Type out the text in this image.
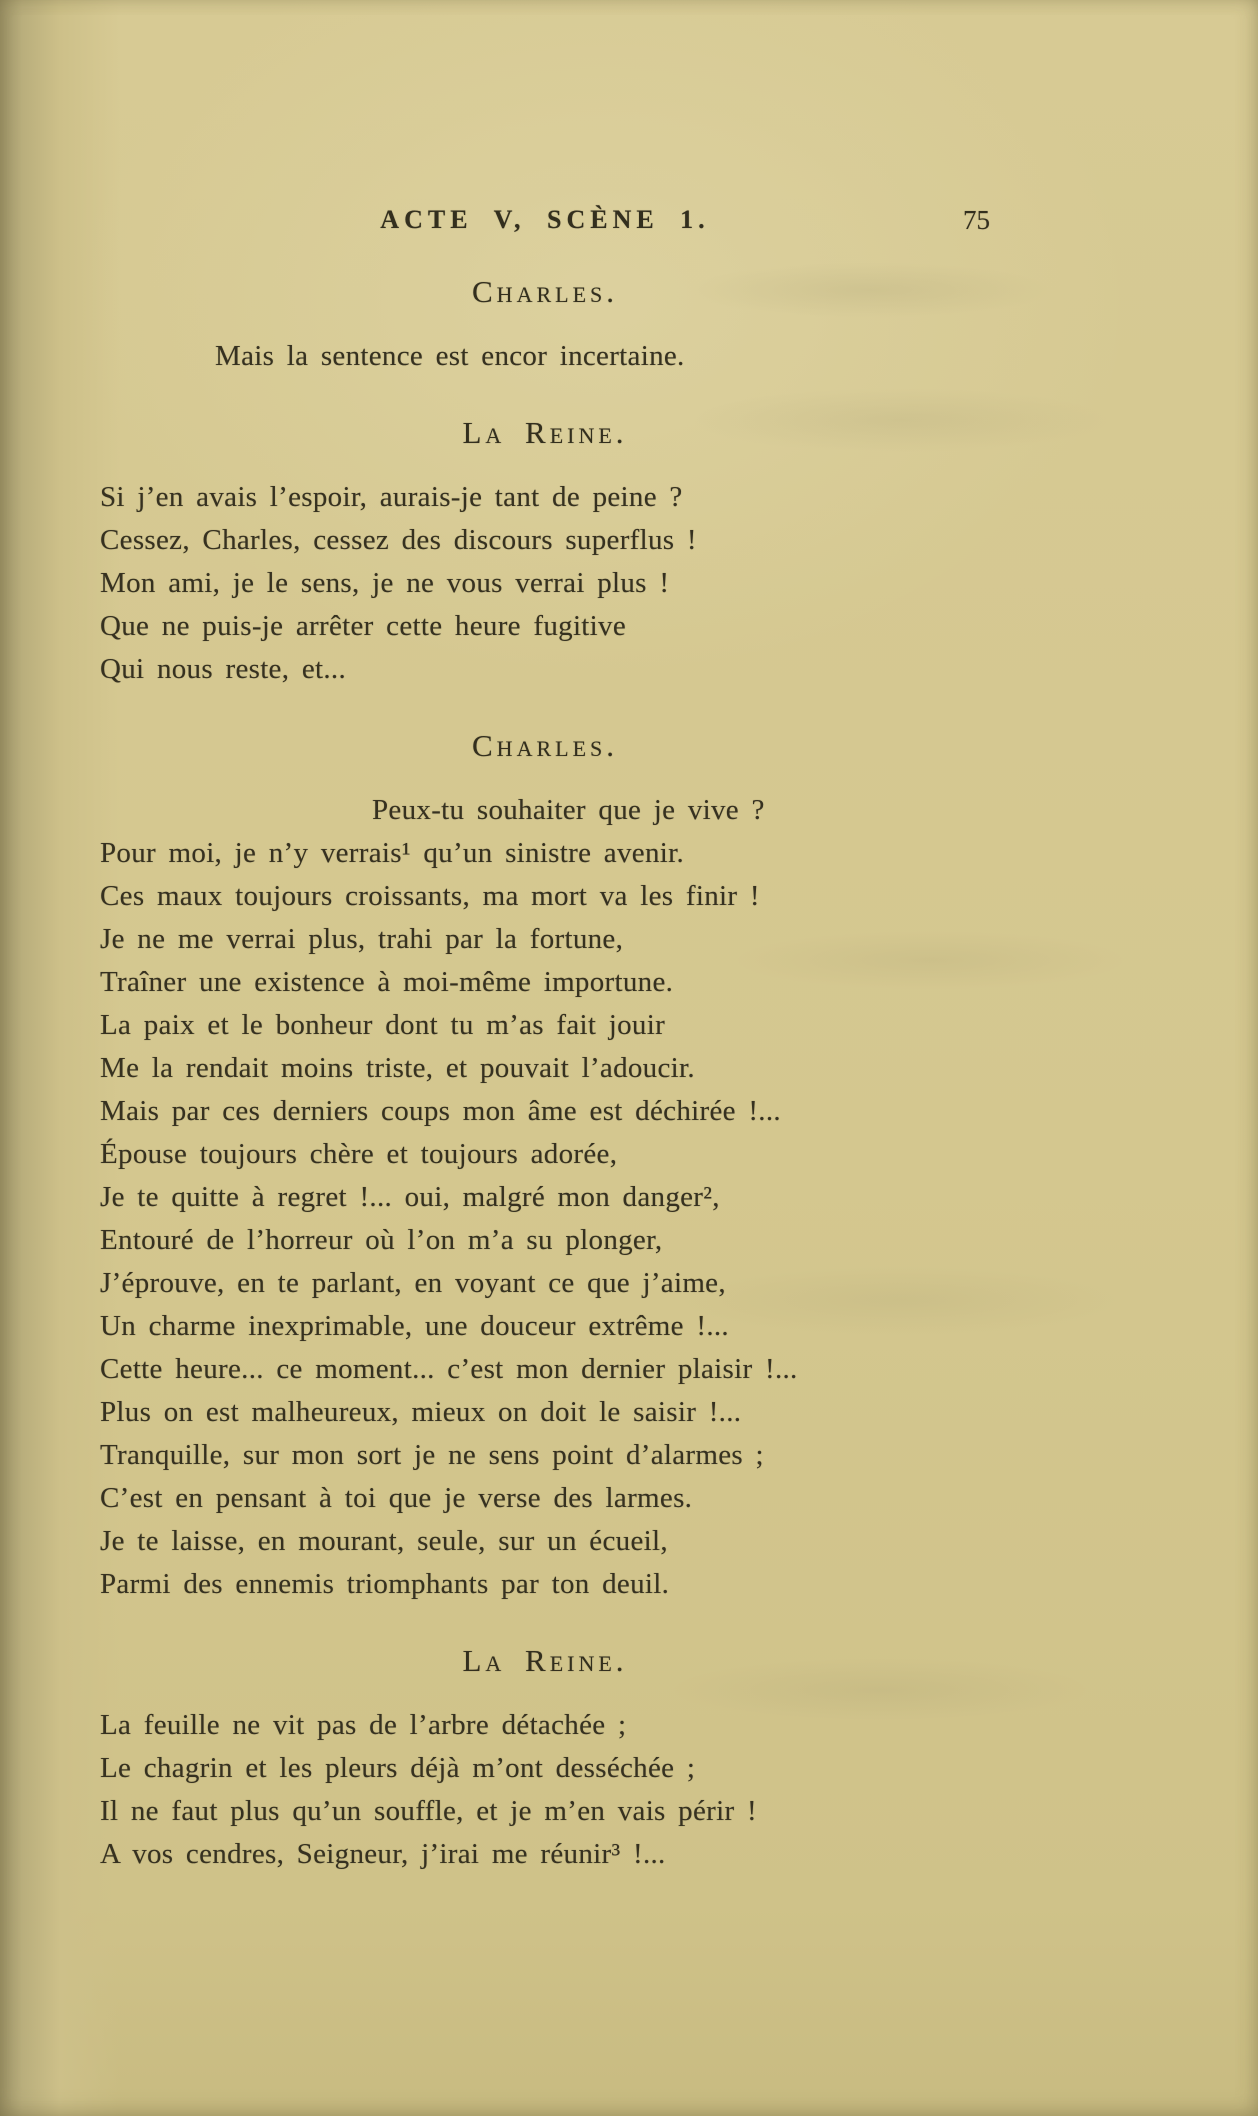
ACTE V, SCÈNE 1.	75
Charles.
Mais la sentence est encor incertaine.
La Reine.
Si j’en avais l’espoir, aurais-je tant de peine ?
Cessez, Charles, cessez des discours superflus !
Mon ami, je le sens, je ne vous verrai plus !
Que ne puis-je arrêter cette heure fugitive
Qui nous reste, et...
Charles.
Peux-tu souhaiter que je vive ?
Pour moi, je n’y verrais¹ qu’un sinistre avenir.
Ces maux toujours croissants, ma mort va les finir !
Je ne me verrai plus, trahi par la fortune,
Traîner une existence à moi-même importune.
La paix et le bonheur dont tu m’as fait jouir
Me la rendait moins triste, et pouvait l’adoucir.
Mais par ces derniers coups mon âme est déchirée !...
Épouse toujours chère et toujours adorée,
Je te quitte à regret !... oui, malgré mon danger²,
Entouré de l’horreur où l’on m’a su plonger,
J’éprouve, en te parlant, en voyant ce que j’aime,
Un charme inexprimable, une douceur extrême !...
Cette heure... ce moment... c’est mon dernier plaisir !...
Plus on est malheureux, mieux on doit le saisir !...
Tranquille, sur mon sort je ne sens point d’alarmes ;
C’est en pensant à toi que je verse des larmes.
Je te laisse, en mourant, seule, sur un écueil,
Parmi des ennemis triomphants par ton deuil.
La Reine.
La feuille ne vit pas de l’arbre détachée ;
Le chagrin et les pleurs déjà m’ont desséchée ;
Il ne faut plus qu’un souffle, et je m’en vais périr !
A vos cendres, Seigneur, j’irai me réunir³ !...
